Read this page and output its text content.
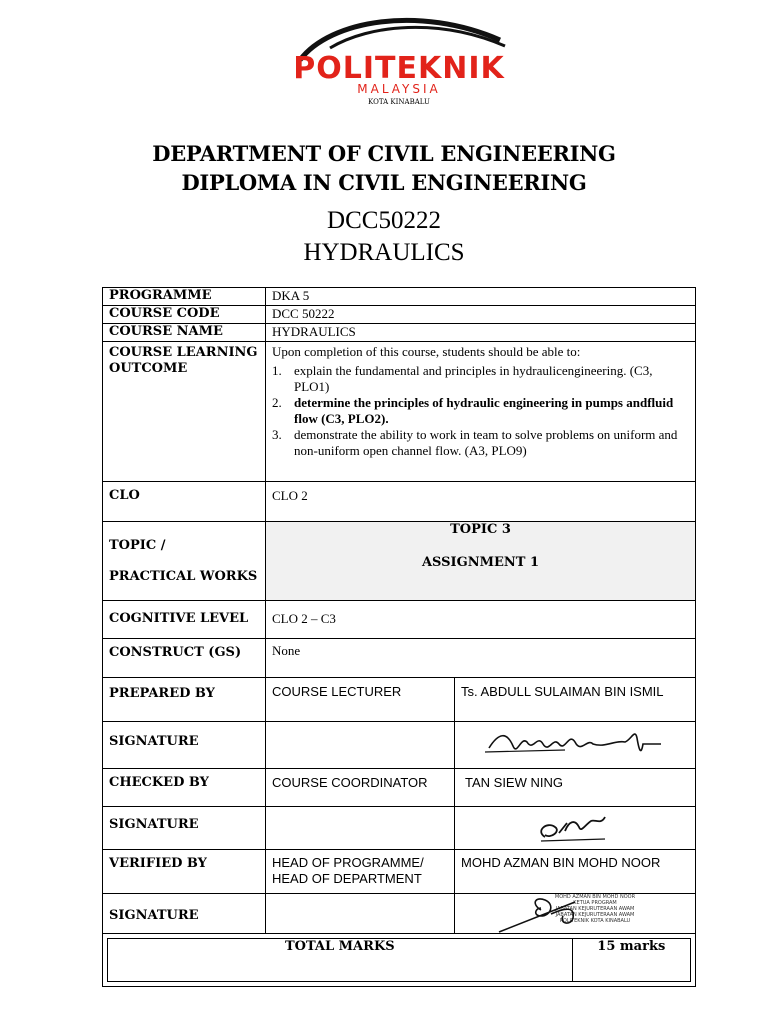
POLITEKNIK
MALAYSIA
KOTA KINABALU
DEPARTMENT OF CIVIL ENGINEERING
DIPLOMA IN CIVIL ENGINEERING
DCC50222
HYDRAULICS
PROGRAMME	DKA 5
COURSE CODE	DCC 50222
COURSE NAME	HYDRAULICS

COURSE LEARNING
OUTCOME

Upon completion of this course, students should be able to:
1. explain the fundamental and principles in hydraulicengineering. (C3, PLO1)
2. determine the principles of hydraulic engineering in pumps andfluid flow (C3, PLO2).
3. demonstrate the ability to work in team to solve problems on uniform and non-uniform open channel flow. (A3, PLO9)

CLO	CLO 2

TOPIC /
PRACTICAL WORKS

TOPIC 3
ASSIGNMENT 1

COGNITIVE LEVEL	CLO 2 – C3
CONSTRUCT (GS)	None
PREPARED BY	COURSE LECTURER	Ts. ABDULL SULAIMAN BIN ISMIL
SIGNATURE		
CHECKED BY	COURSE COORDINATOR	TAN SIEW NING
SIGNATURE		
VERIFIED BY	HEAD OF PROGRAMME/
HEAD OF DEPARTMENT
	MOHD AZMAN BIN MOHD NOOR
SIGNATURE		
MOHD AZMAN BIN MOHD NOOR
KETUA PROGRAM
JABATAN KEJURUTERAAN AWAM
JABATAN KEJURUTERAAN AWAM
POLITEKNIK KOTA KINABALU

TOTAL MARKS	15 marks
